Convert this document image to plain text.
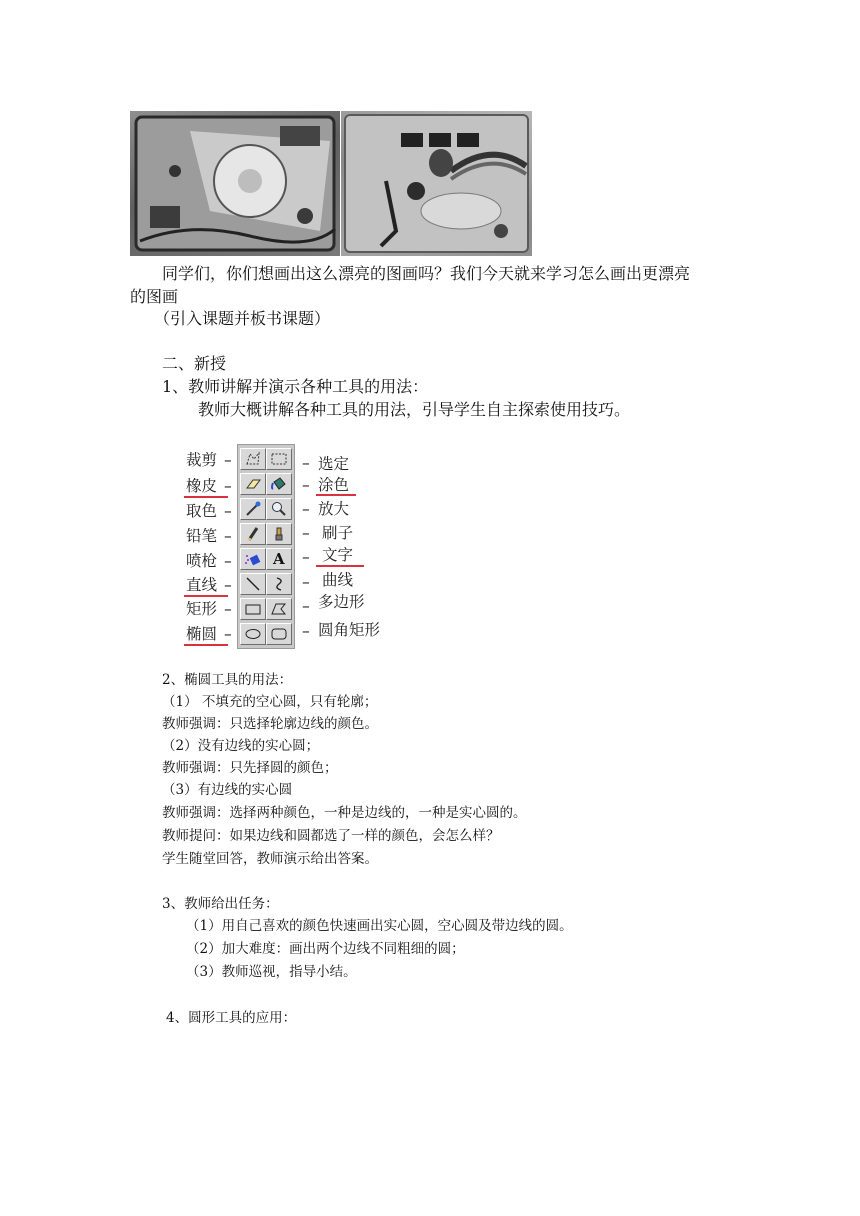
同学们，你们想画出这么漂亮的图画吗？我们今天就来学习怎么画出更漂亮
的图画
（引入课题并板书课题）
二、新授
1、教师讲解并演示各种工具的用法：
教师大概讲解各种工具的用法，引导学生自主探索使用技巧。
裁剪
橡皮
取色
铅笔
喷枪
直线
矩形
椭圆
–
–
–
–
–
–
–
–
A
–
–
–
–
–
–
–
–
选定
涂色
放大
刷子
文字
曲线
多边形
圆角矩形
2、椭圆工具的用法：
（1） 不填充的空心圆，只有轮廓；
教师强调：只选择轮廓边线的颜色。
（2）没有边线的实心圆；
教师强调：只先择圆的颜色；
（3）有边线的实心圆
教师强调：选择两种颜色，一种是边线的，一种是实心圆的。
教师提问：如果边线和圆都选了一样的颜色，会怎么样？
学生随堂回答，教师演示给出答案。
3、教师给出任务：
（1）用自己喜欢的颜色快速画出实心圆，空心圆及带边线的圆。
（2）加大难度：画出两个边线不同粗细的圆；
（3）教师巡视，指导小结。
4、圆形工具的应用：
